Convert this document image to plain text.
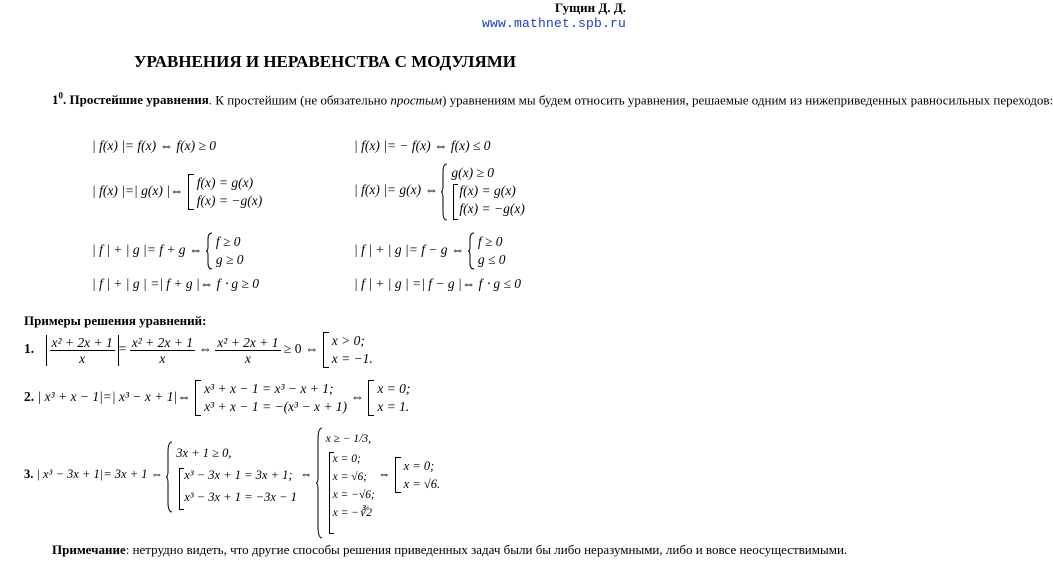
Гущин Д. Д.
www.mathnet.spb.ru
УРАВНЕНИЯ И НЕРАВЕНСТВА С МОДУЛЯМИ

$1^0$. Простейшие уравнения. К простейшим (не обязательно простым) уравнениям мы будем относить уравнения, решаемые одним из нижеприведенных равносильных переходов:

| f(x) |= f(x) ⇔ f(x) ≥ 0	| f(x) |= − f(x) ⇔ f(x) ≤ 0
| f(x) |=| g(x) |⇔
f(x) = g(x)
f(x) = −g(x)
| f(x) |= g(x) ⇔
g(x) ≥ 0
f(x) = g(x)
f(x) = −g(x)
| f | + | g |= f + g ⇔
f ≥ 0
g ≥ 0
| f | + | g |= f − g ⇔
f ≥ 0
g ≤ 0
| f | + | g | =| f + g |⇔ f ⋅ g ≥ 0	| f | + | g | =| f − g |⇔ f ⋅ g ≤ 0
Примеры решения уравнений:
1. $\frac{\text{x² + 2x + 1}}{x} = \frac{\text{x² + 2x + 1}}{x}$ ⇔ $\frac{\text{x² + 2x + 1}}{x} \ge 0$ ⇔
x > 0;
x = −1.
2. | x³ + x − 1|=| x³ − x + 1|⇔
x³ + x − 1 = x³ − x + 1;
x³ + x − 1 = −(x³ − x + 1)
⇔
x = 0;
x = 1.
3. | x³ − 3x + 1|= 3x + 1 ⇔
3x + 1 ≥ 0,
x³ − 3x + 1 = 3x + 1;
x³ − 3x + 1 = −3x − 1
⇔
x ≥ − 1/3,
x = 0;
x = √6;
x = −√6;
x = −∛2
⇔
x = 0;
x = √6.

Примечание: нетрудно видеть, что другие способы решения приведенных задач были бы либо неразумными, либо и вовсе неосуществимыми.
